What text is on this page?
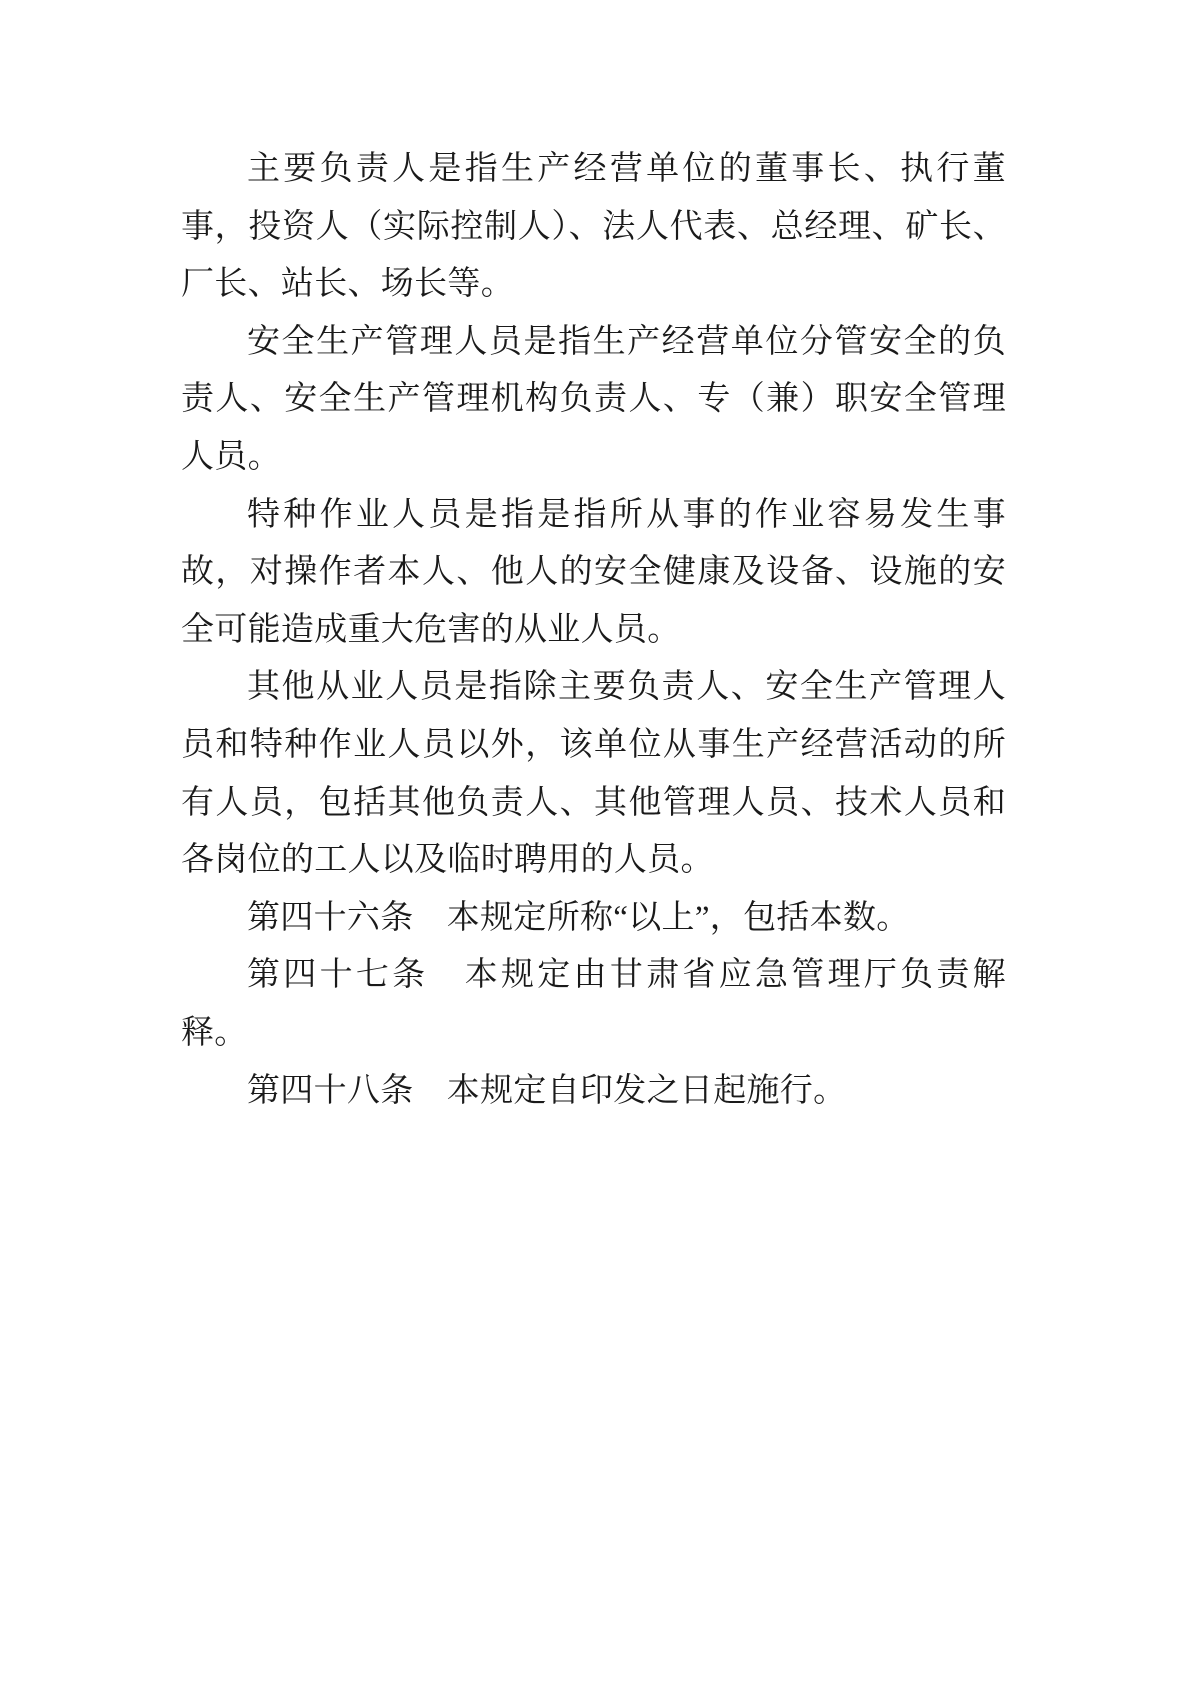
主要负责人是指生产经营单位的董事长、执行董事，投资人（实际控制人）、法人代表、总经理、矿长、厂长、站长、场长等。

安全生产管理人员是指生产经营单位分管安全的负责人、安全生产管理机构负责人、专（兼）职安全管理人员。

特种作业人员是指是指所从事的作业容易发生事故，对操作者本人、他人的安全健康及设备、设施的安全可能造成重大危害的从业人员。

其他从业人员是指除主要负责人、安全生产管理人员和特种作业人员以外，该单位从事生产经营活动的所有人员，包括其他负责人、其他管理人员、技术人员和各岗位的工人以及临时聘用的人员。

第四十六条　本规定所称“以上”，包括本数。

第四十七条　本规定由甘肃省应急管理厅负责解释。

第四十八条　本规定自印发之日起施行。
